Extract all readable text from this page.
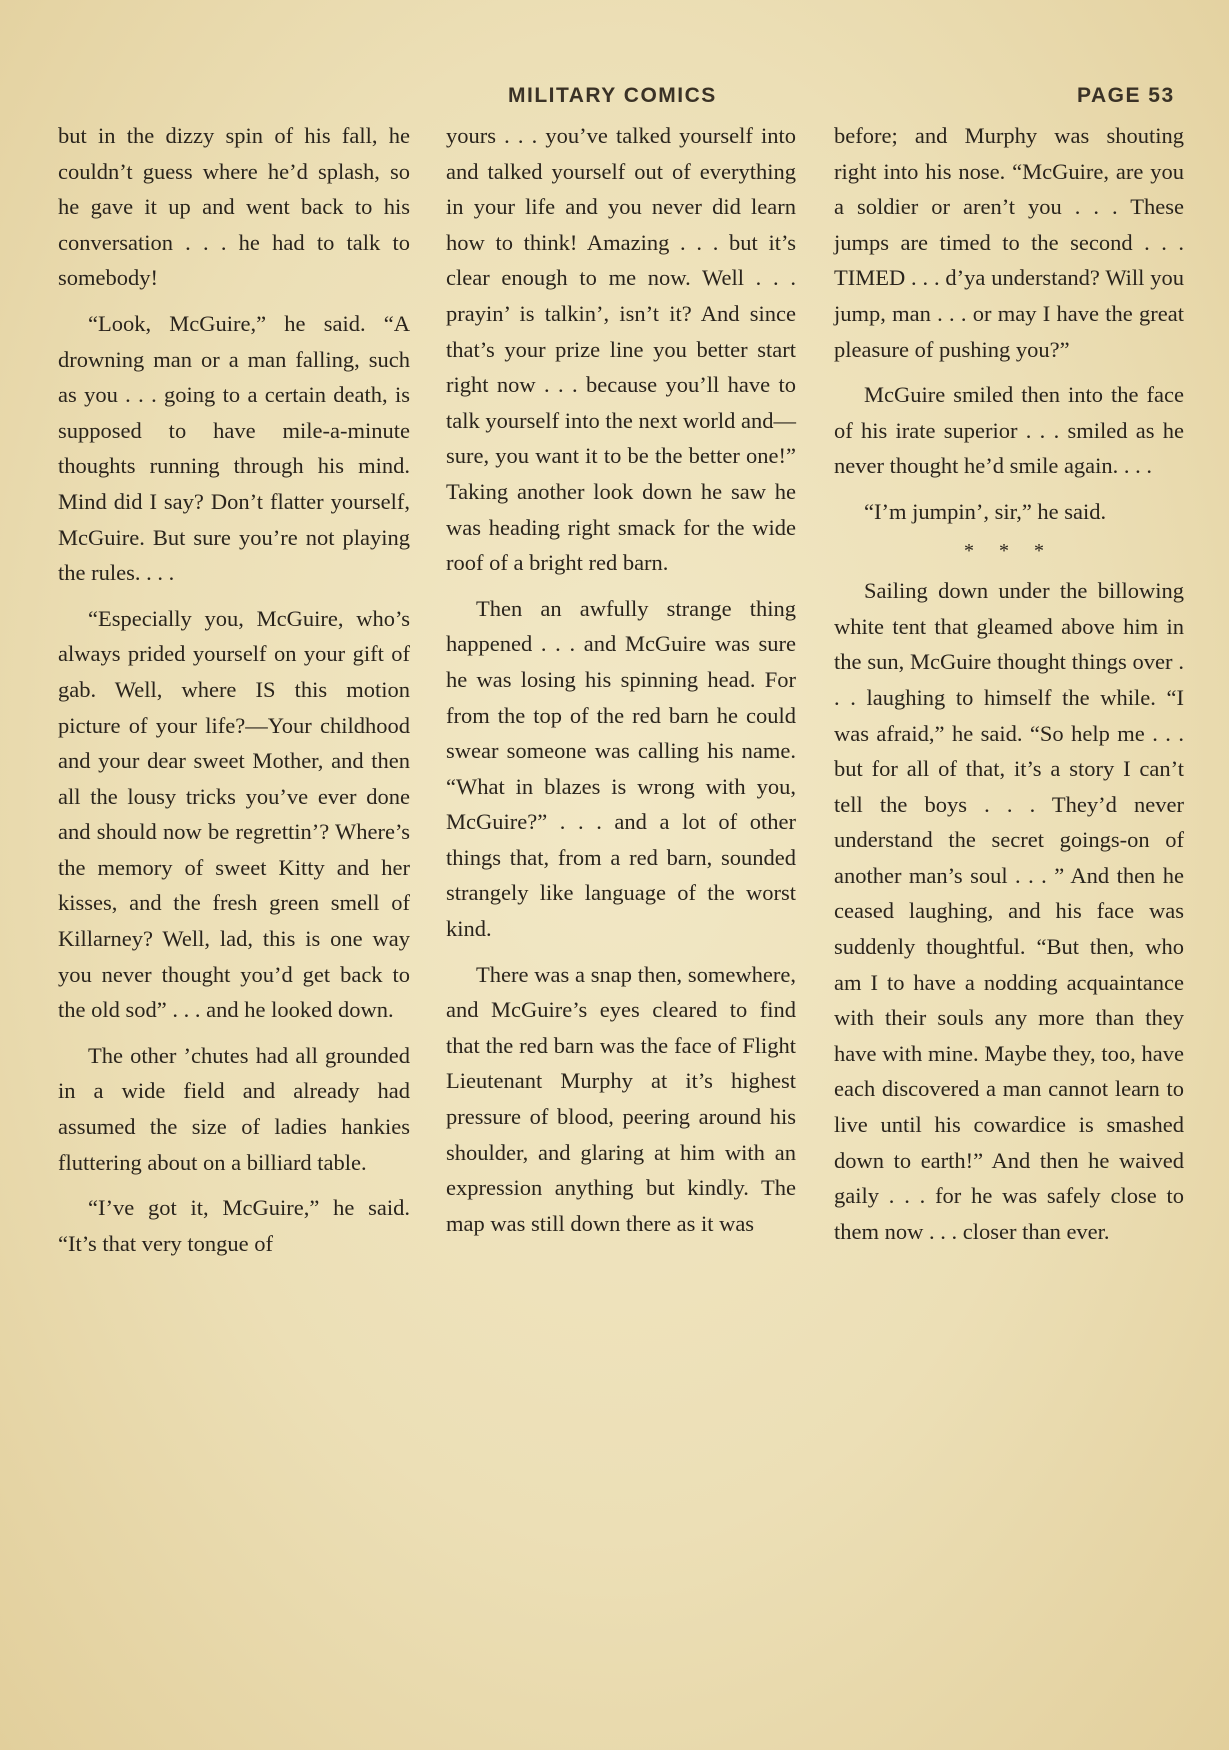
MILITARY COMICS	PAGE 53

but in the dizzy spin of his fall, he couldn’t guess where he’d splash, so he gave it up and went back to his conversation . . . he had to talk to somebody!

“Look, McGuire,” he said. “A drowning man or a man falling, such as you . . . going to a certain death, is supposed to have mile-a-minute thoughts running through his mind. Mind did I say? Don’t flatter yourself, McGuire. But sure you’re not playing the rules. . . .

“Especially you, McGuire, who’s always prided yourself on your gift of gab. Well, where IS this motion picture of your life?—Your childhood and your dear sweet Mother, and then all the lousy tricks you’ve ever done and should now be regrettin’? Where’s the memory of sweet Kitty and her kisses, and the fresh green smell of Killarney? Well, lad, this is one way you never thought you’d get back to the old sod” . . . and he looked down.

The other ’chutes had all grounded in a wide field and already had assumed the size of ladies hankies fluttering about on a billiard table.

“I’ve got it, McGuire,” he said. “It’s that very tongue of

yours . . . you’ve talked yourself into and talked yourself out of everything in your life and you never did learn how to think! Amazing . . . but it’s clear enough to me now. Well . . . prayin’ is talkin’, isn’t it? And since that’s your prize line you better start right now . . . because you’ll have to talk yourself into the next world and—sure, you want it to be the better one!” Taking another look down he saw he was heading right smack for the wide roof of a bright red barn.

Then an awfully strange thing happened . . . and McGuire was sure he was losing his spinning head. For from the top of the red barn he could swear someone was calling his name. “What in blazes is wrong with you, McGuire?” . . . and a lot of other things that, from a red barn, sounded strangely like language of the worst kind.

There was a snap then, somewhere, and McGuire’s eyes cleared to find that the red barn was the face of Flight Lieutenant Murphy at it’s highest pressure of blood, peering around his shoulder, and glaring at him with an expression anything but kindly. The map was still down there as it was

before; and Murphy was shouting right into his nose. “McGuire, are you a soldier or aren’t you . . . These jumps are timed to the second . . . TIMED . . . d’ya understand? Will you jump, man . . . or may I have the great pleasure of pushing you?”

McGuire smiled then into the face of his irate superior . . . smiled as he never thought he’d smile again. . . .

“I’m jumpin’, sir,” he said.

* * *

Sailing down under the billowing white tent that gleamed above him in the sun, McGuire thought things over . . . laughing to himself the while. “I was afraid,” he said. “So help me . . . but for all of that, it’s a story I can’t tell the boys . . . They’d never understand the secret goings-on of another man’s soul . . . ” And then he ceased laughing, and his face was suddenly thoughtful. “But then, who am I to have a nodding acquaintance with their souls any more than they have with mine. Maybe they, too, have each discovered a man cannot learn to live until his cowardice is smashed down to earth!” And then he waived gaily . . . for he was safely close to them now . . . closer than ever.
